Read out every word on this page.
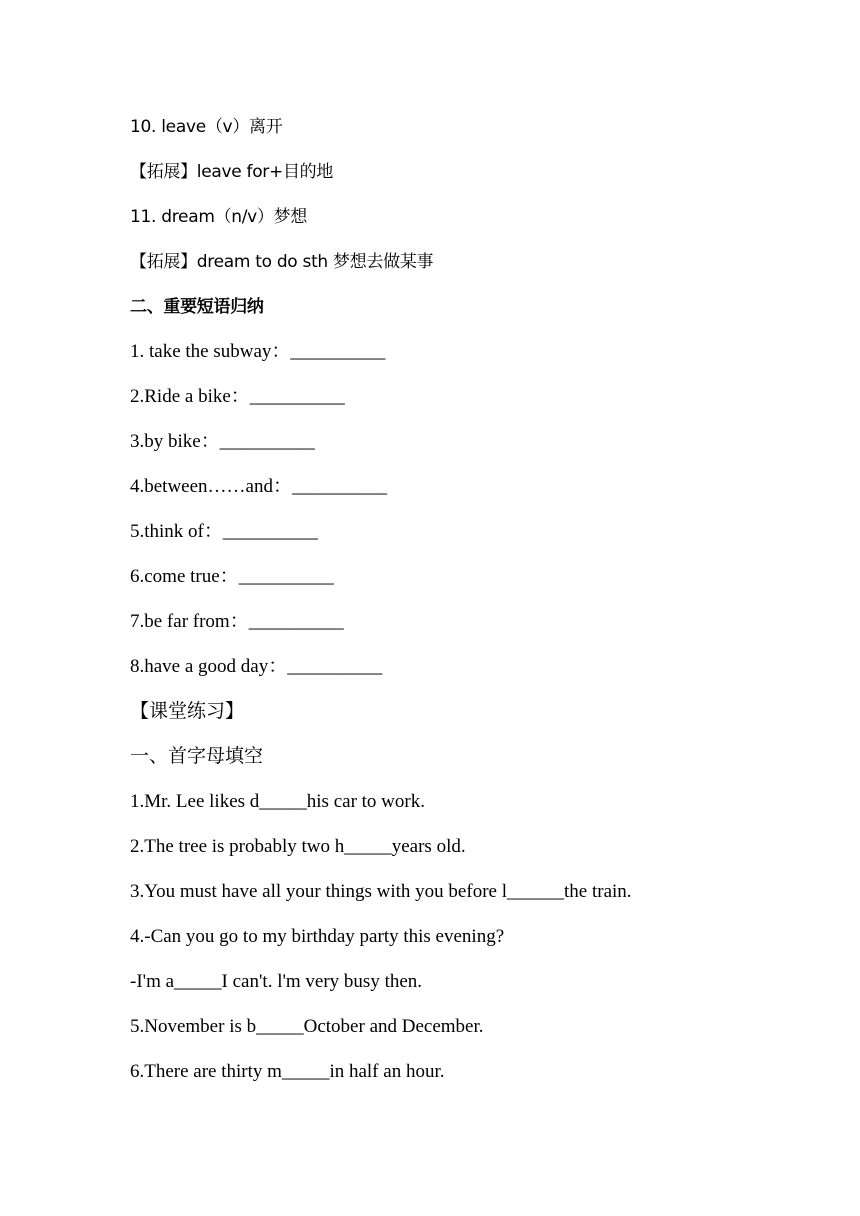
10. leave（v）离开
【拓展】leave for+目的地
11. dream（n/v）梦想
【拓展】dream to do sth 梦想去做某事
二、重要短语归纳
1. take the subway：__________
2.Ride a bike：__________
3.by bike：__________
4.between……and：__________
5.think of：__________
6.come true：__________
7.be far from：__________
8.have a good day：__________
【课堂练习】
一、首字母填空
1.Mr. Lee likes d_____his car to work.
2.The tree is probably two h_____years old.
3.You must have all your things with you before l______the train.
4.-Can you go to my birthday party this evening?
-I'm a_____I can't. l'm very busy then.
5.November is b_____October and December.
6.There are thirty m_____in half an hour.
